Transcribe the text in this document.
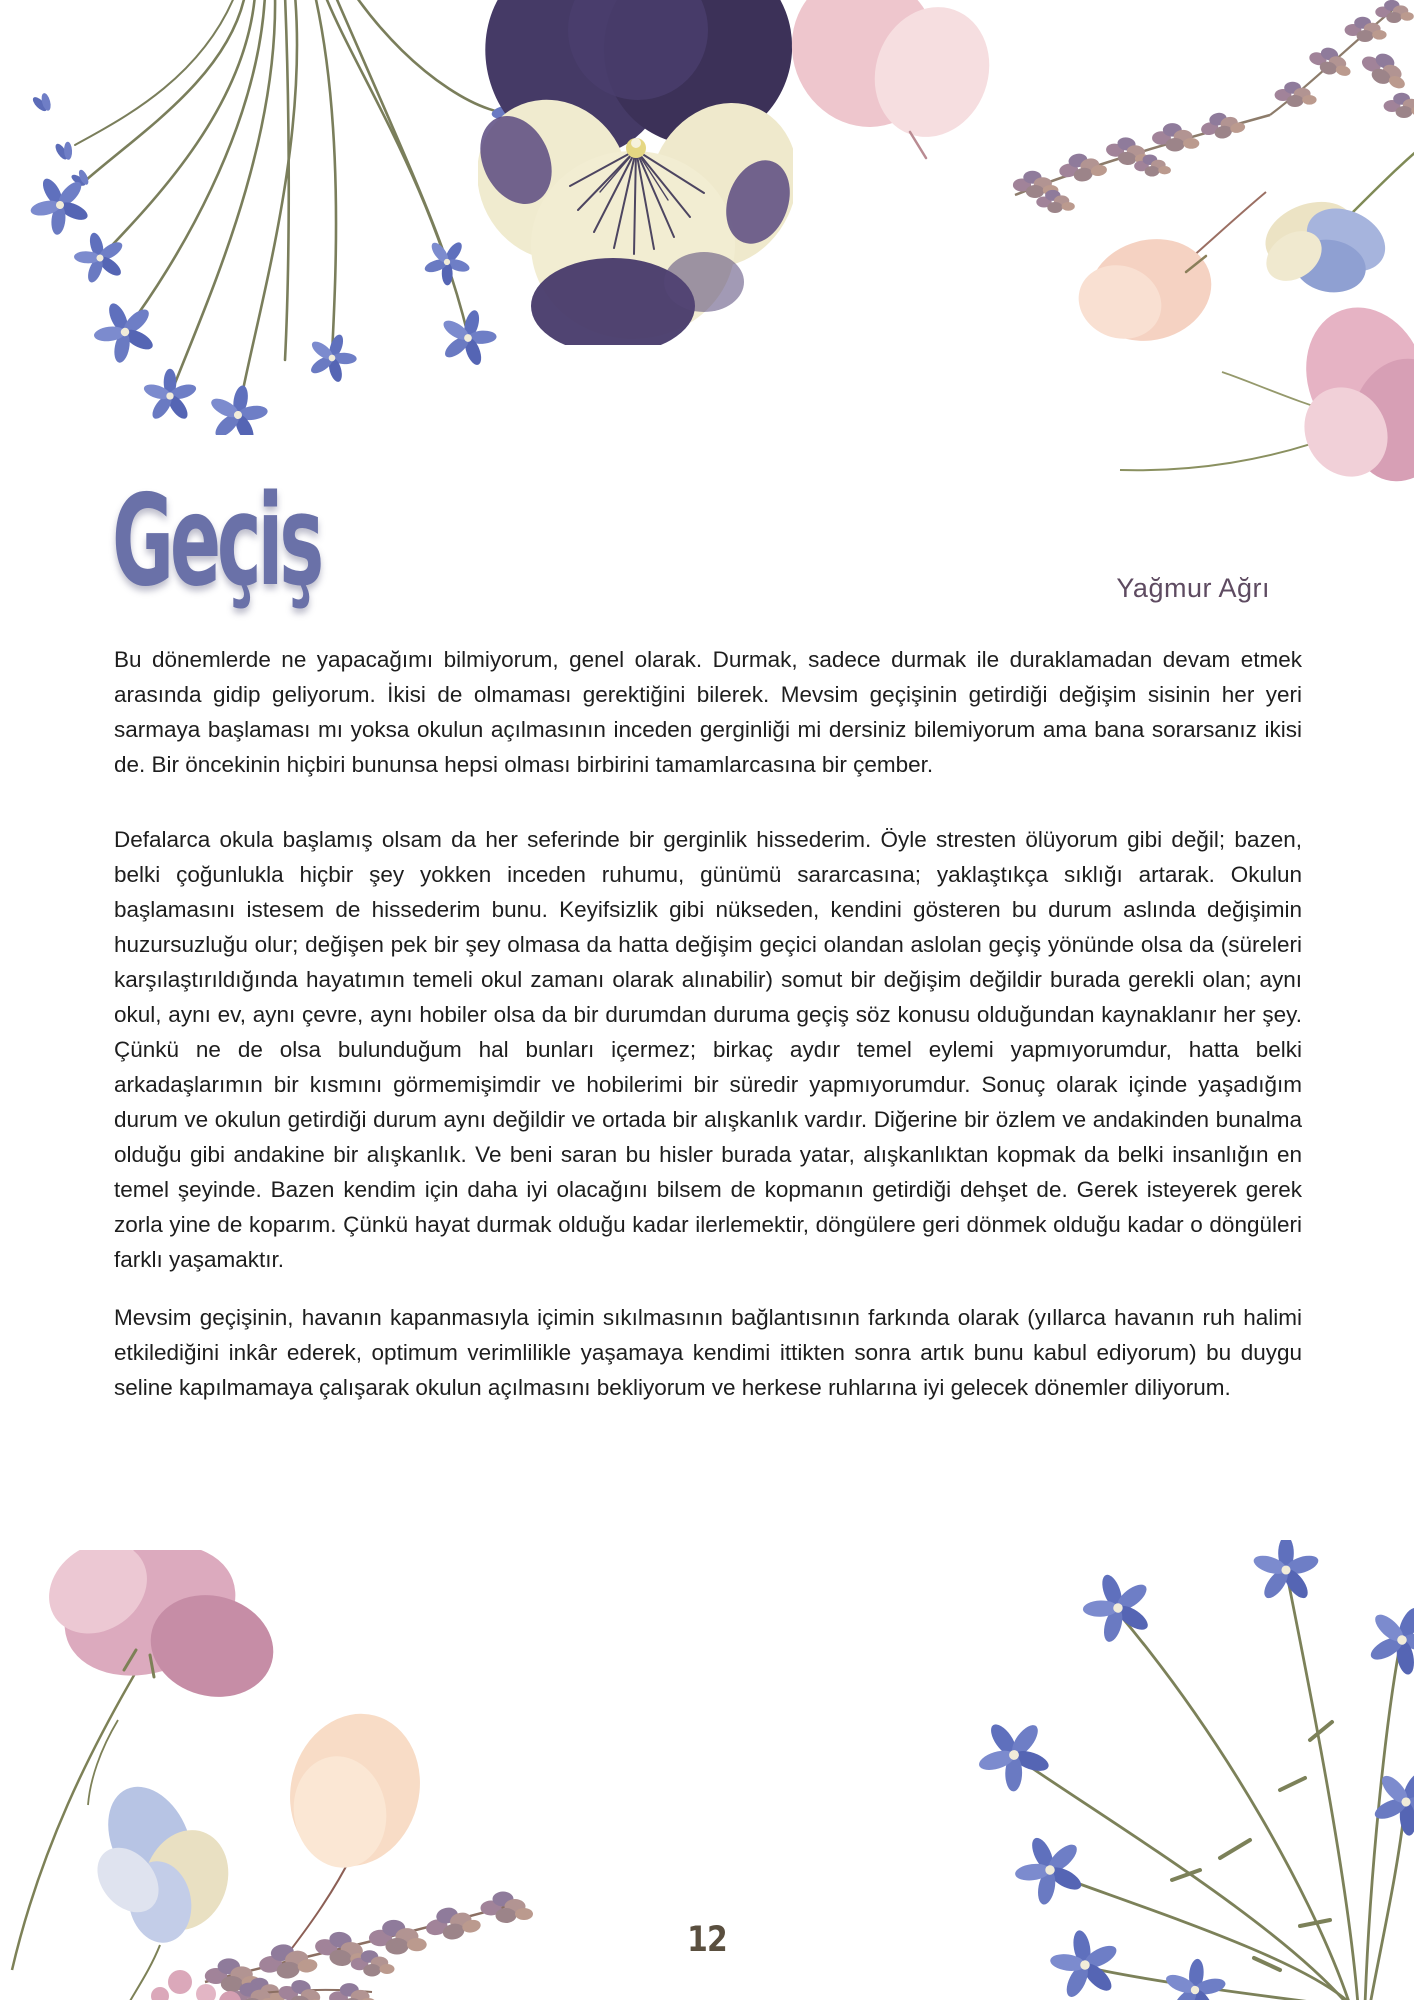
Geçiş	Yağmur Ağrı

Bu dönemlerde ne yapacağımı bilmiyorum, genel olarak. Durmak, sadece durmak ile duraklamadan devam etmek arasında gidip geliyorum. İkisi de olmaması gerektiğini bilerek. Mevsim geçişinin getirdiği değişim sisinin her yeri sarmaya başlaması mı yoksa okulun açılmasının inceden gerginliği mi dersiniz bilemiyorum ama bana sorarsanız ikisi de. Bir öncekinin hiçbiri bununsa hepsi olması birbirini tamamlarcasına bir çember.

Defalarca okula başlamış olsam da her seferinde bir gerginlik hissederim. Öyle stresten ölüyorum gibi değil; bazen, belki çoğunlukla hiçbir şey yokken inceden ruhumu, günümü sararcasına; yaklaştıkça sıklığı artarak. Okulun başlamasını istesem de hissederim bunu. Keyifsizlik gibi nükseden, kendini gösteren bu durum aslında değişimin huzursuzluğu olur; değişen pek bir şey olmasa da hatta değişim geçici olandan aslolan geçiş yönünde olsa da (süreleri karşılaştırıldığında hayatımın temeli okul zamanı olarak alınabilir) somut bir değişim değildir burada gerekli olan; aynı okul, aynı ev, aynı çevre, aynı hobiler olsa da bir durumdan duruma geçiş söz konusu olduğundan kaynaklanır her şey. Çünkü ne de olsa bulunduğum hal bunları içermez; birkaç aydır temel eylemi yapmıyorumdur, hatta belki arkadaşlarımın bir kısmını görmemişimdir ve hobilerimi bir süredir yapmıyorumdur. Sonuç olarak içinde yaşadığım durum ve okulun getirdiği durum aynı değildir ve ortada bir alışkanlık vardır. Diğerine bir özlem ve andakinden bunalma olduğu gibi andakine bir alışkanlık. Ve beni saran bu hisler burada yatar, alışkanlıktan kopmak da belki insanlığın en temel şeyinde. Bazen kendim için daha iyi olacağını bilsem de kopmanın getirdiği dehşet de. Gerek isteyerek gerek zorla yine de koparım. Çünkü hayat durmak olduğu kadar ilerlemektir, döngülere geri dönmek olduğu kadar o döngüleri farklı yaşamaktır.

Mevsim geçişinin, havanın kapanmasıyla içimin sıkılmasının bağlantısının farkında olarak (yıllarca havanın ruh halimi etkilediğini inkâr ederek, optimum verimlilikle yaşamaya kendimi ittikten sonra artık bunu kabul ediyorum) bu duygu seline kapılmamaya çalışarak okulun açılmasını bekliyorum ve herkese ruhlarına iyi gelecek dönemler diliyorum.

12
